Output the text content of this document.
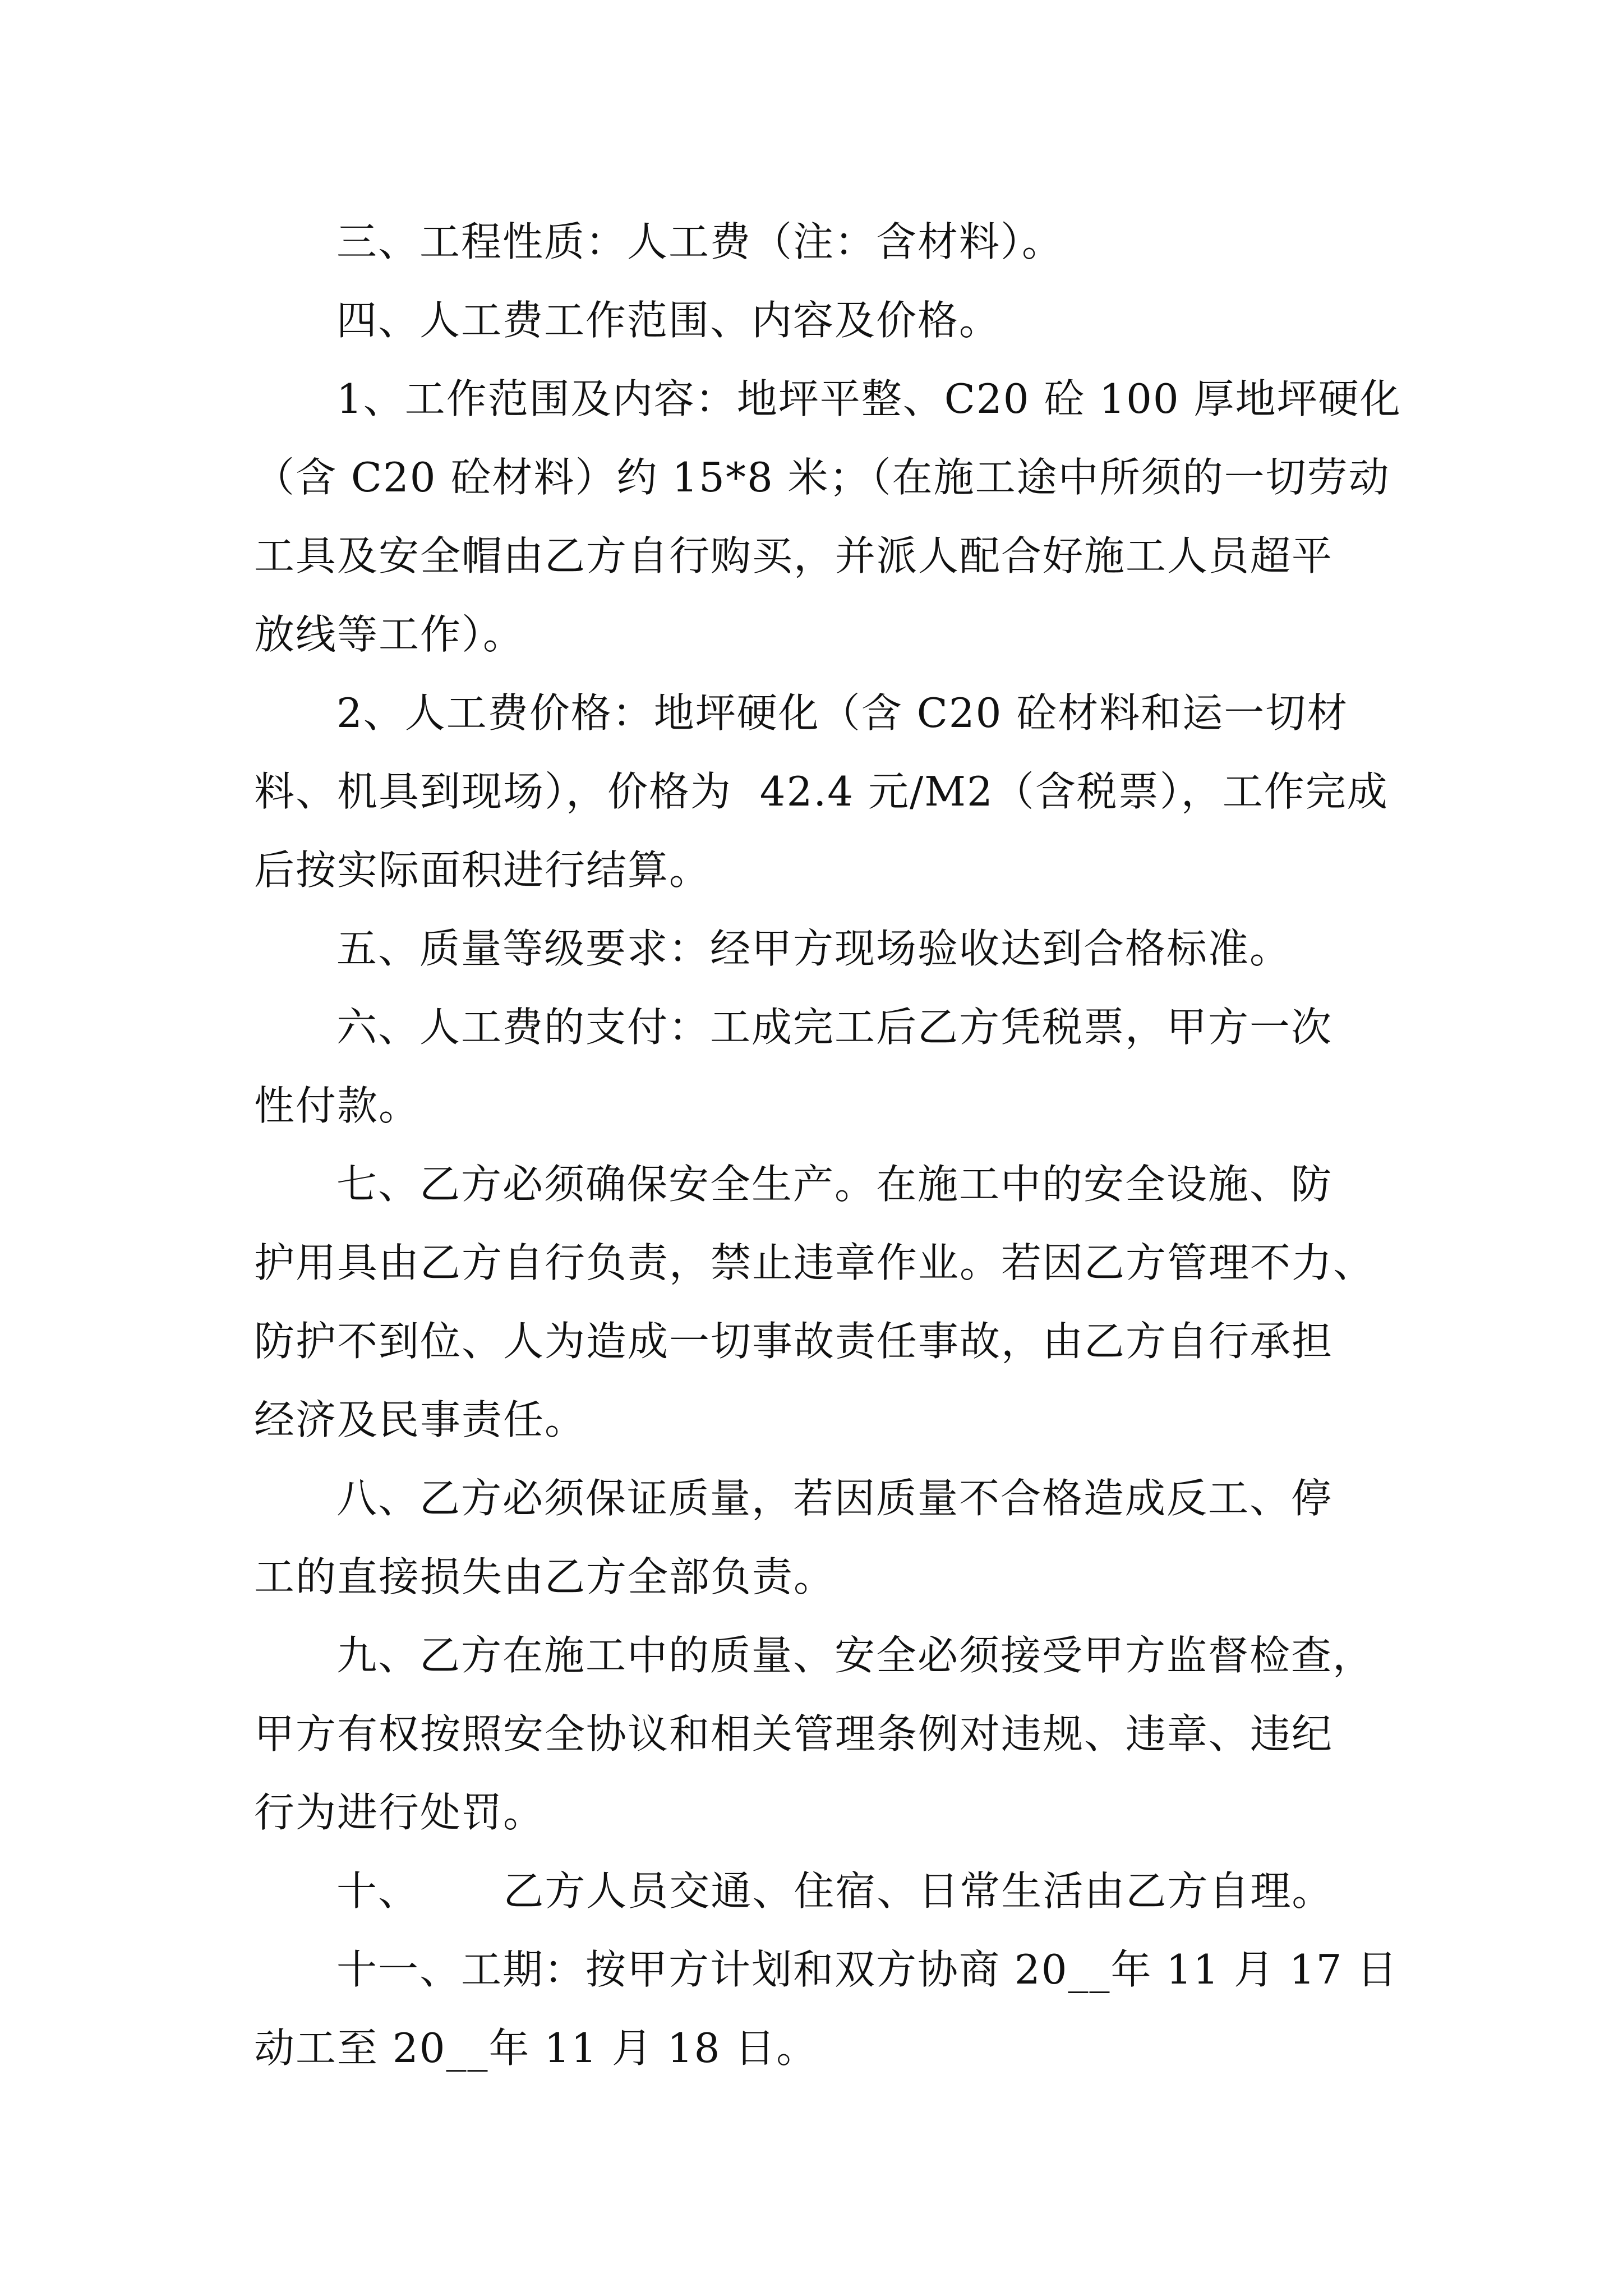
三、工程性质：人工费（注：含材料）。
四、人工费工作范围、内容及价格。
1、工作范围及内容：地坪平整、C20 砼 100 厚地坪硬化
（含 C20 砼材料）约 15*8 米；（在施工途中所须的一切劳动
工具及安全帽由乙方自行购买，并派人配合好施工人员超平
放线等工作）。
2、人工费价格：地坪硬化（含 C20 砼材料和运一切材
料、机具到现场），价格为  42.4 元/M2（含税票），工作完成
后按实际面积进行结算。
五、质量等级要求：经甲方现场验收达到合格标准。
六、人工费的支付：工成完工后乙方凭税票，甲方一次
性付款。
七、乙方必须确保安全生产。在施工中的安全设施、防
护用具由乙方自行负责，禁止违章作业。若因乙方管理不力、
防护不到位、人为造成一切事故责任事故，由乙方自行承担
经济及民事责任。
八、乙方必须保证质量，若因质量不合格造成反工、停
工的直接损失由乙方全部负责。
九、乙方在施工中的质量、安全必须接受甲方监督检查，
甲方有权按照安全协议和相关管理条例对违规、违章、违纪
行为进行处罚。
十、      乙方人员交通、住宿、日常生活由乙方自理。
十一、工期：按甲方计划和双方协商 20__年 11 月 17 日
动工至 20__年 11 月 18 日。
